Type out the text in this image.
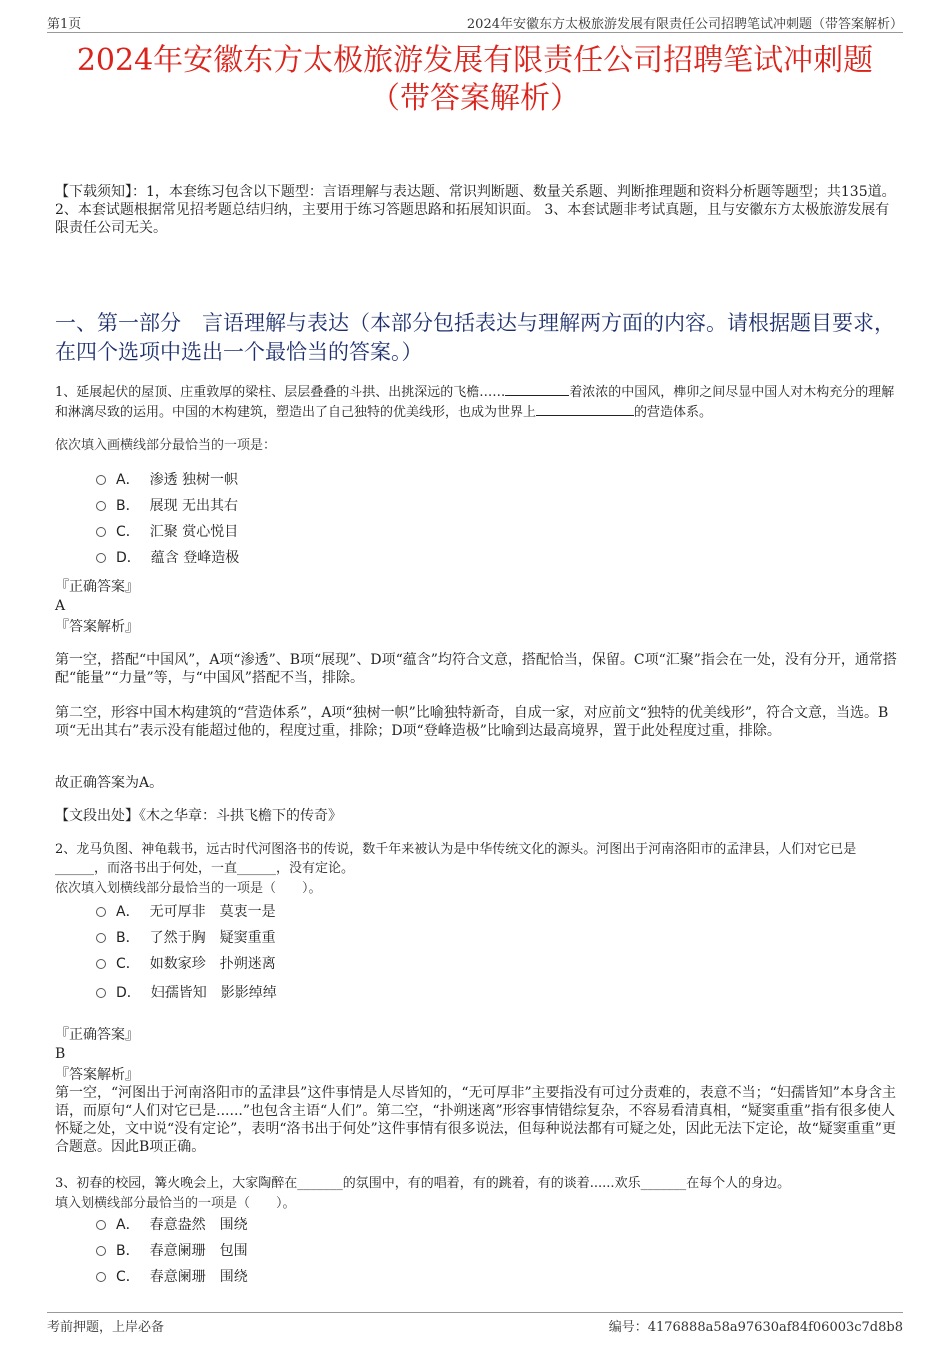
第1页	2024年安徽东方太极旅游发展有限责任公司招聘笔试冲刺题（带答案解析）
2024年安徽东方太极旅游发展有限责任公司招聘笔试冲刺题
（带答案解析）
【下载须知】：1，本套练习包含以下题型：言语理解与表达题、常识判断题、数量关系题、判断推理题和资料分析题等题型；共135道。 2、本套试题根据常见招考题总结归纳，主要用于练习答题思路和拓展知识面。 3、本套试题非考试真题，且与安徽东方太极旅游发展有限责任公司无关。
一、第一部分　言语理解与表达（本部分包括表达与理解两方面的内容。请根据题目要求，在四个选项中选出一个最恰当的答案。）
1、延展起伏的屋顶、庄重敦厚的梁柱、层层叠叠的斗拱、出挑深远的飞檐……	着浓浓的中国风，榫卯之间尽显中国人对木构充分的理解和淋漓尽致的运用。中国的木构建筑，塑造出了自己独特的优美线形，也成为世界上	的营造体系。
依次填入画横线部分最恰当的一项是：
A． 渗透 独树一帜
B． 展现 无出其右
C． 汇聚 赏心悦目
D． 蕴含 登峰造极
『正确答案』
A
『答案解析』
第一空，搭配“中国风”，A项“渗透”、B项“展现”、D项“蕴含”均符合文意，搭配恰当，保留。C项“汇聚”指会在一处，没有分开，通常搭配“能量”“力量”等，与“中国风”搭配不当，排除。
第二空，形容中国木构建筑的“营造体系”，A项“独树一帜”比喻独特新奇，自成一家，对应前文“独特的优美线形”，符合文意，当选。B项“无出其右”表示没有能超过他的，程度过重，排除；D项“登峰造极”比喻到达最高境界，置于此处程度过重，排除。
故正确答案为A。
【文段出处】《木之华章：斗拱飞檐下的传奇》
2、龙马负图、神龟载书，远古时代河图洛书的传说，数千年来被认为是中华传统文化的源头。河图出于河南洛阳市的孟津县，人们对它已是______，而洛书出于何处，一直______，没有定论。
依次填入划横线部分最恰当的一项是（　　）。
A． 无可厚非　莫衷一是
B． 了然于胸　疑窦重重
C． 如数家珍　扑朔迷离
D． 妇孺皆知　影影绰绰
『正确答案』
B
『答案解析』
第一空，“河图出于河南洛阳市的孟津县”这件事情是人尽皆知的，“无可厚非”主要指没有可过分责难的，表意不当；“妇孺皆知”本身含主语，而原句“人们对它已是......”也包含主语“人们”。第二空，“扑朔迷离”形容事情错综复杂，不容易看清真相，“疑窦重重”指有很多使人怀疑之处，文中说“没有定论”，表明“洛书出于何处”这件事情有很多说法，但每种说法都有可疑之处，因此无法下定论，故“疑窦重重”更合题意。因此B项正确。
3、初春的校园，篝火晚会上，大家陶醉在_______的氛围中，有的唱着，有的跳着，有的谈着......欢乐_______在每个人的身边。
填入划横线部分最恰当的一项是（　　）。
A． 春意盎然　围绕
B． 春意阑珊　包围
C． 春意阑珊　围绕
考前押题，上岸必备	编号：4176888a58a97630af84f06003c7d8b8
